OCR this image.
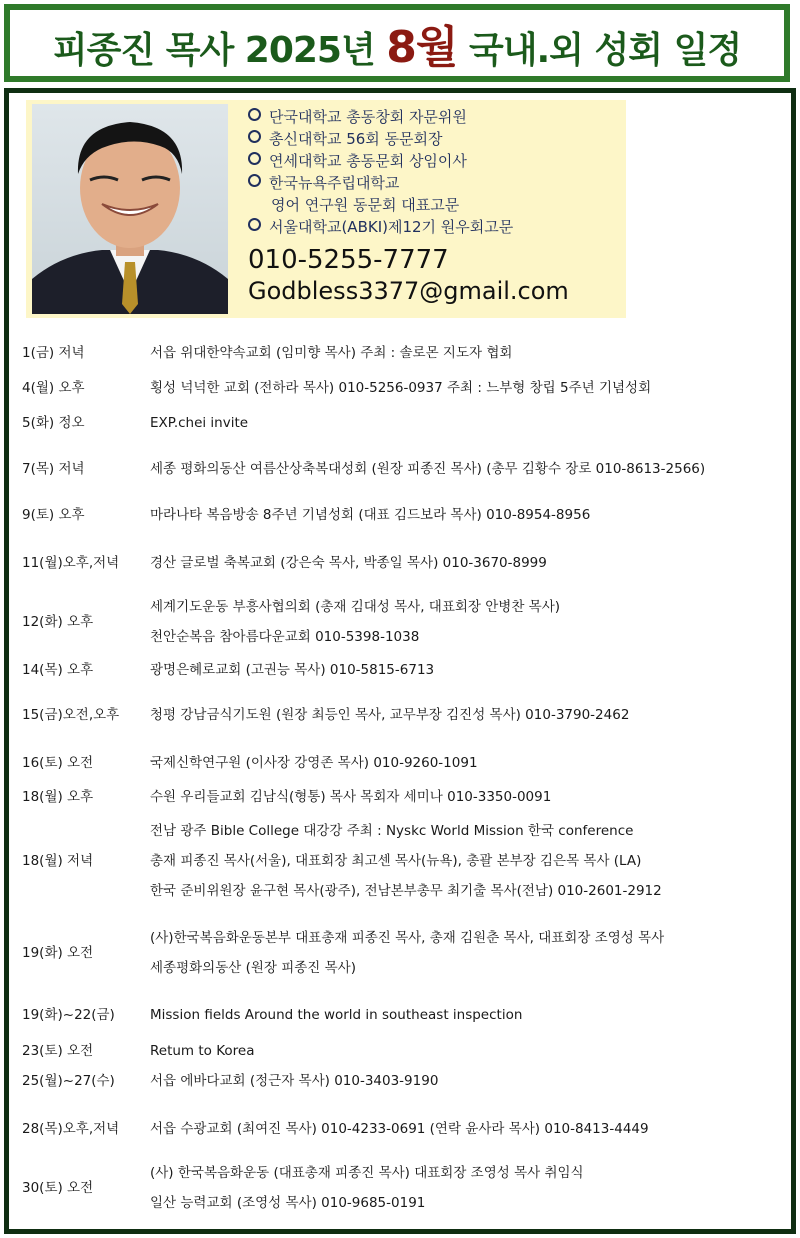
피종진 목사 2025년 8월 국내.외 성회 일정
단국대학교 총동창회 자문위원
총신대학교 56회 동문회장
연세대학교 총동문회 상임이사
한국뉴욕주립대학교
영어 연구원 동문회 대표고문
서울대학교(ABKI)제12기 원우회고문
010-5255-7777
Godbless3377@gmail.com
1(금) 저녁	서읍 위대한약속교회 (임미향 목사) 주최 : 솔로몬 지도자 협회
4(월) 오후	횡성 넉넉한 교회 (전하라 목사) 010-5256-0937 주최 : 느부형 창립 5주년 기념성회
5(화) 정오	EXP.chei invite
7(목) 저녁	세종 평화의동산 여름산상축복대성회 (원장 피종진 목사) (총무 김황수 장로 010-8613-2566)
9(토) 오후	마라나타 복음방송 8주년 기념성회 (대표 김드보라 목사) 010-8954-8956
11(월)오후,저녁	경산 글로벌 축복교회 (강은숙 목사, 박종일 목사) 010-3670-8999
12(화) 오후
세계기도운동 부흥사협의회 (총재 김대성 목사, 대표회장 안병찬 목사)
천안순복음 참아름다운교회 010-5398-1038
14(목) 오후	광명은혜로교회 (고권능 목사) 010-5815-6713
15(금)오전,오후	청평 강남금식기도원 (원장 최등인 목사, 교무부장 김진성 목사) 010-3790-2462
16(토) 오전	국제신학연구원 (이사장 강영존 목사) 010-9260-1091
18(월) 오후	수원 우리들교회 김남식(형통) 목사 목회자 세미나 010-3350-0091
18(월) 저녁
전남 광주 Bible College 대강강 주최 : Nyskc World Mission 한국 conference
총재 피종진 목사(서울), 대표회장 최고센 목사(뉴욕), 총괄 본부장 김은목 목사 (LA)
한국 준비위원장 윤구현 목사(광주), 전남본부총무 최기출 목사(전남) 010-2601-2912
19(화) 오전
(사)한국복음화운동본부 대표총재 피종진 목사, 총재 김원춘 목사, 대표회장 조영성 목사
세종평화의동산 (원장 피종진 목사)
19(화)~22(금)	Mission fields Around the world in southeast inspection
23(토) 오전	Retum to Korea
25(월)~27(수)	서읍 에바다교회 (정근자 목사) 010-3403-9190
28(목)오후,저녁	서읍 수광교회 (최여진 목사) 010-4233-0691 (연락 윤사라 목사) 010-8413-4449
30(토) 오전
(사) 한국복음화운동 (대표총재 피종진 목사) 대표회장 조영성 목사 취임식
일산 능력교회 (조영성 목사) 010-9685-0191
